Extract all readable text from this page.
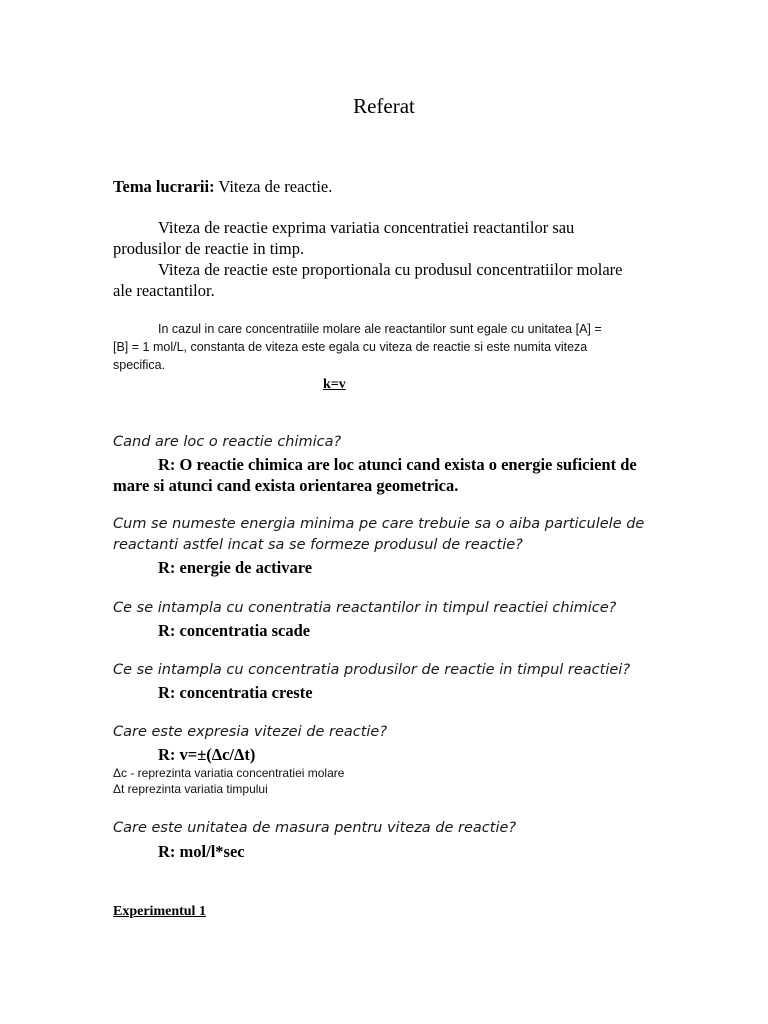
Referat
Tema lucrarii: Viteza de reactie.
Viteza de reactie exprima variatia concentratiei reactantilor sau
produsilor de reactie in timp.
Viteza de reactie este proportionala cu produsul concentratiilor molare
ale reactantilor.
In cazul in care concentratiile molare ale reactantilor sunt egale cu unitatea [A] =
[B] = 1 mol/L, constanta de viteza este egala cu viteza de reactie si este numita viteza
specifica.
k=v
Cand are loc o reactie chimica?
R: O reactie chimica are loc atunci cand exista o energie suficient de
mare si atunci cand exista orientarea geometrica.
Cum se numeste energia minima pe care trebuie sa o aiba particulele de
reactanti astfel incat sa se formeze produsul de reactie?
R: energie de activare
Ce se intampla cu conentratia reactantilor in timpul reactiei chimice?
R: concentratia scade
Ce se intampla cu concentratia produsilor de reactie in timpul reactiei?
R: concentratia creste
Care este expresia vitezei de reactie?
R: v=±(Δc/Δt)
Δc - reprezinta variatia concentratiei molare
Δt reprezinta variatia timpului
Care este unitatea de masura pentru viteza de reactie?
R: mol/l*sec
Experimentul 1
